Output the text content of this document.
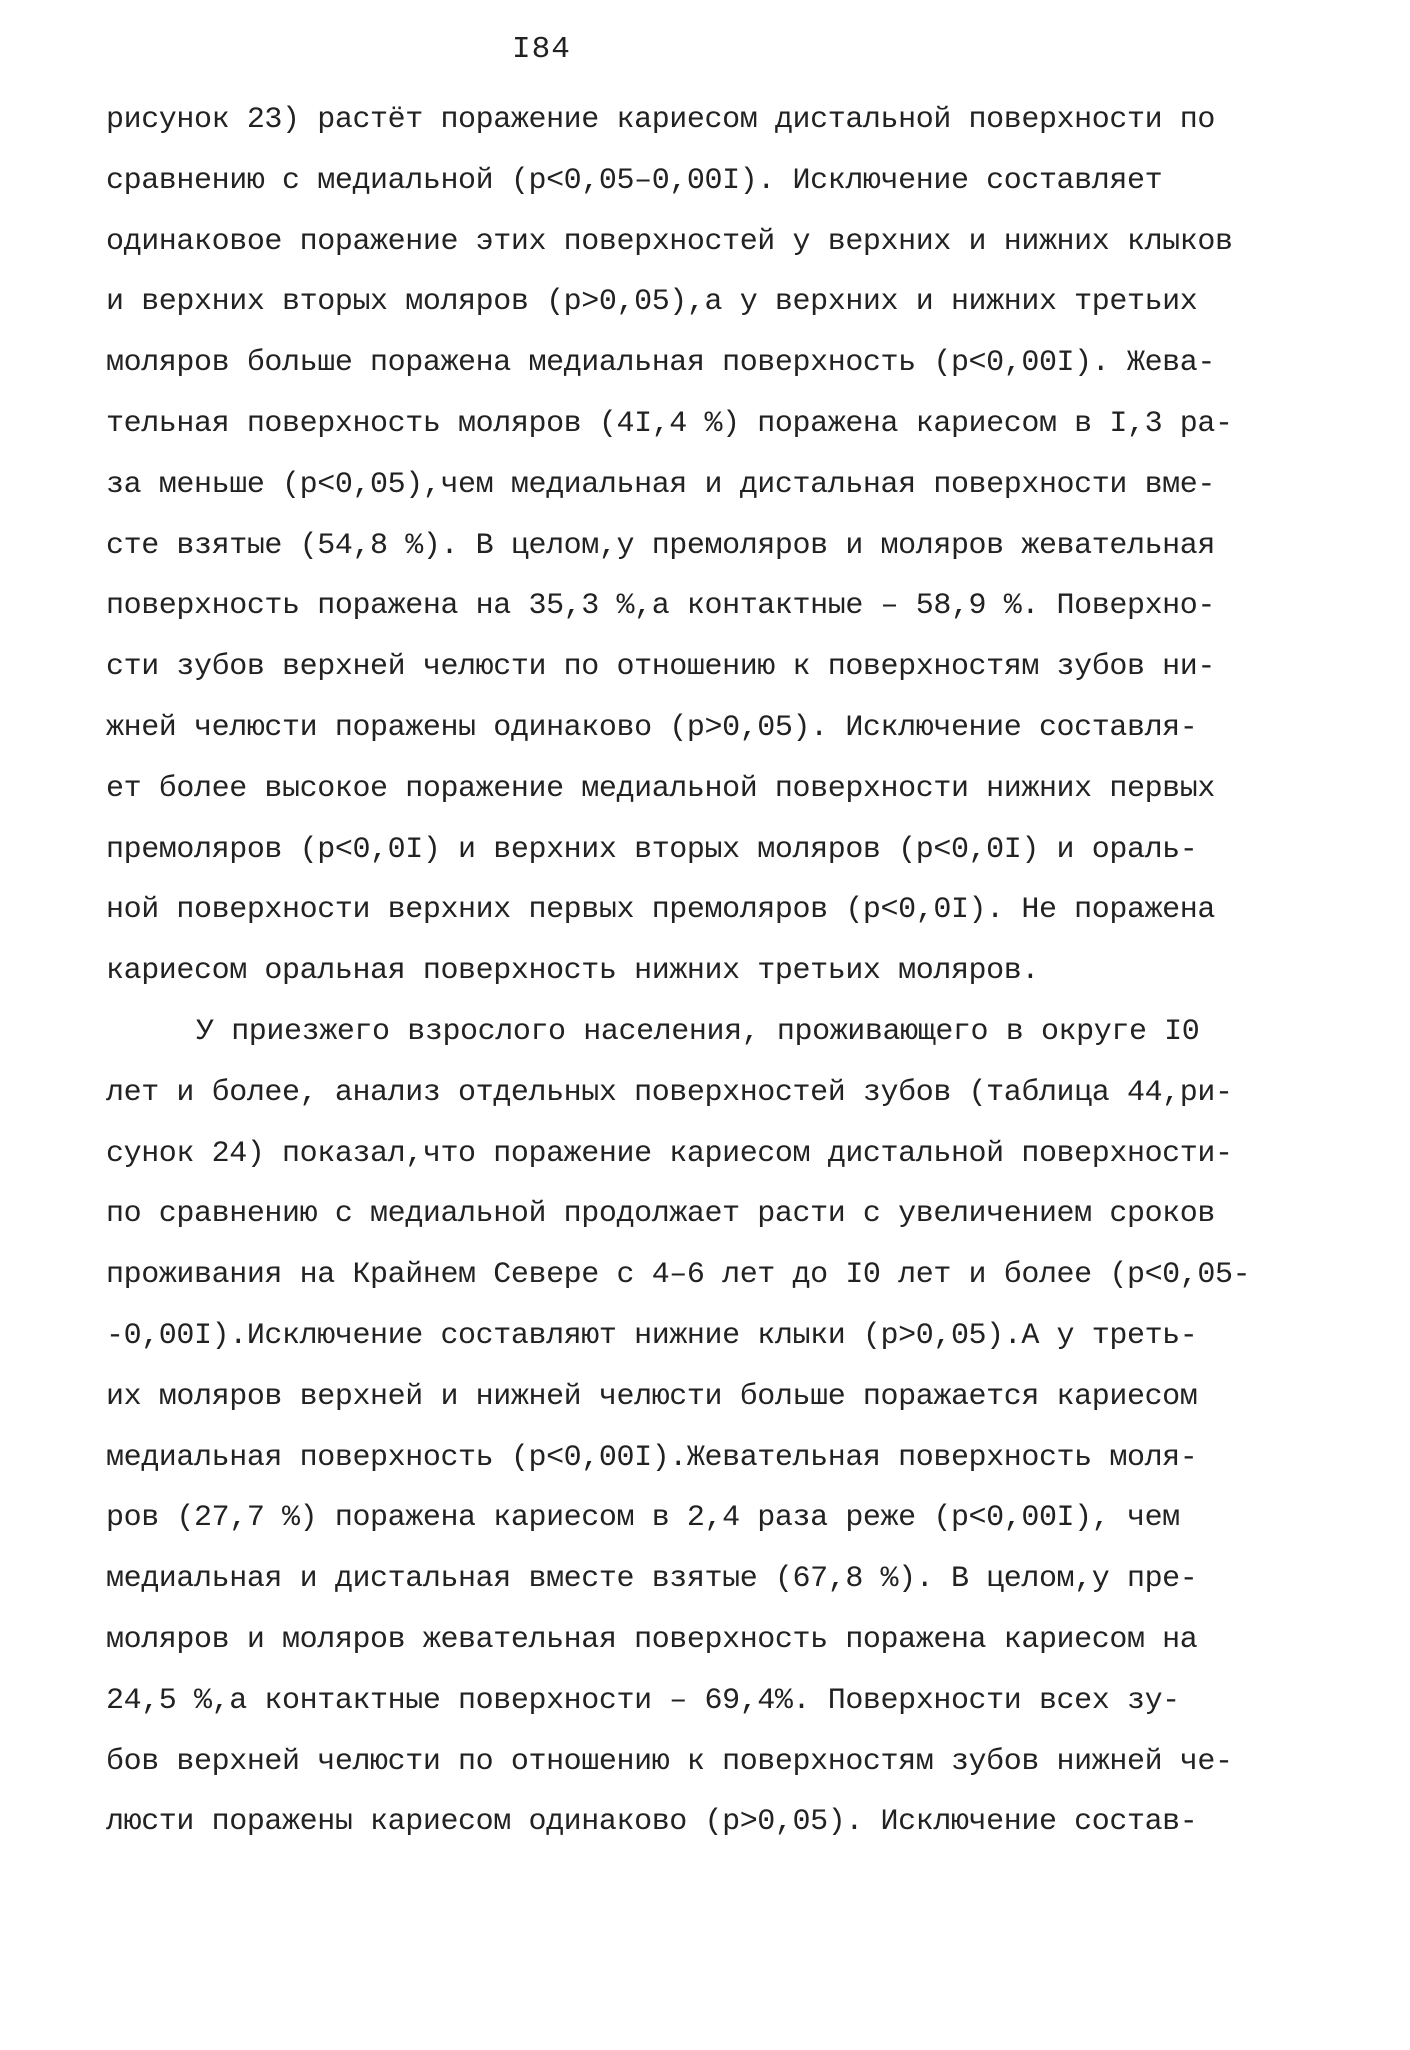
I84
рисунок 23) растёт поражение кариесом дистальной поверхности по
сравнению с медиальной (р<0,05–0,00I). Исключение составляет
одинаковое поражение этих поверхностей у верхних и нижних клыков
и верхних вторых моляров (р>0,05),а у верхних и нижних третьих
моляров больше поражена медиальная поверхность (р<0,00I). Жева-
тельная поверхность моляров (4I,4 %) поражена кариесом в I,3 ра-
за меньше (р<0,05),чем медиальная и дистальная поверхности вме-
сте взятые (54,8 %). В целом,у премоляров и моляров жевательная
поверхность поражена на 35,3 %,а контактные – 58,9 %. Поверхно-
сти зубов верхней челюсти по отношению к поверхностям зубов ни-
жней челюсти поражены одинаково (р>0,05). Исключение составля-
ет более высокое поражение медиальной поверхности нижних первых
премоляров (р<0,0I) и верхних вторых моляров (р<0,0I) и ораль-
ной поверхности верхних первых премоляров (р<0,0I). Не поражена
кариесом оральная поверхность нижних третьих моляров.
У приезжего взрослого населения, проживающего в округе I0
лет и более, анализ отдельных поверхностей зубов (таблица 44,ри-
сунок 24) показал,что поражение кариесом дистальной поверхности-
по сравнению с медиальной продолжает расти с увеличением сроков
проживания на Крайнем Севере с 4–6 лет до I0 лет и более (р<0,05-
-0,00I).Исключение составляют нижние клыки (р>0,05).А у треть-
их моляров верхней и нижней челюсти больше поражается кариесом
медиальная поверхность (р<0,00I).Жевательная поверхность моля-
ров (27,7 %) поражена кариесом в 2,4 раза реже (р<0,00I), чем
медиальная и дистальная вместе взятые (67,8 %). В целом,у пре-
моляров и моляров жевательная поверхность поражена кариесом на
24,5 %,а контактные поверхности – 69,4%. Поверхности всех зу-
бов верхней челюсти по отношению к поверхностям зубов нижней че-
люсти поражены кариесом одинаково (р>0,05). Исключение состав-
